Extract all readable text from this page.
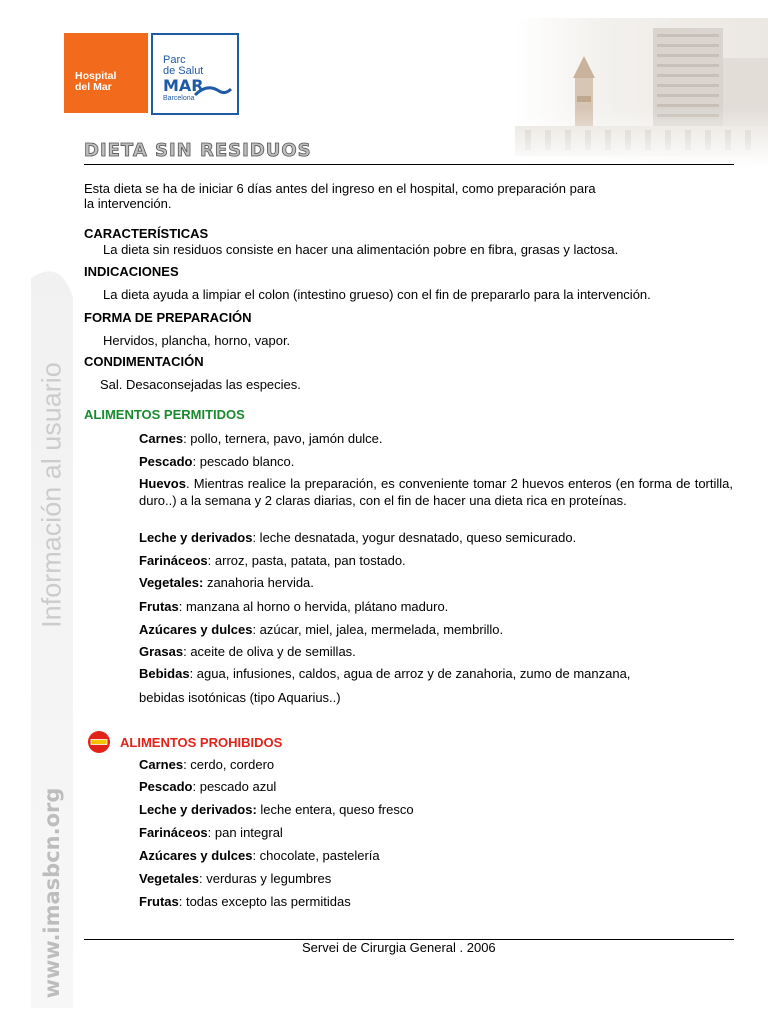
Hospital
del Mar
Parc
de Salut
MAR
Barcelona
DIETA SIN RESIDUOS
Información al usuario
www.imasbcn.org
Esta dieta se ha de iniciar 6 días antes del ingreso en el hospital, como preparación para
la intervención.
CARACTERÍSTICAS
La dieta sin residuos consiste en hacer una alimentación pobre en fibra, grasas y lactosa.
INDICACIONES
La dieta ayuda a limpiar el colon (intestino grueso) con el fin de prepararlo para la intervención.
FORMA DE PREPARACIÓN
Hervidos, plancha, horno, vapor.
CONDIMENTACIÓN
Sal. Desaconsejadas las especies.
ALIMENTOS PERMITIDOS
Carnes: pollo, ternera, pavo, jamón dulce.
Pescado: pescado blanco.
Huevos. Mientras realice la preparación, es conveniente tomar 2 huevos enteros (en forma de tortilla, duro..) a la semana y 2 claras diarias, con el fin de hacer una dieta rica en proteínas.
Leche y derivados: leche desnatada, yogur desnatado, queso semicurado.
Farináceos: arroz, pasta, patata, pan tostado.
Vegetales: zanahoria hervida.
Frutas: manzana al horno o hervida, plátano maduro.
Azúcares y dulces: azúcar, miel, jalea, mermelada, membrillo.
Grasas: aceite de oliva y de semillas.
Bebidas: agua, infusiones, caldos, agua de arroz y de zanahoria, zumo de manzana,
bebidas isotónicas (tipo Aquarius..)
ALIMENTOS PROHIBIDOS
Carnes: cerdo, cordero
Pescado: pescado azul
Leche y derivados: leche entera, queso fresco
Farináceos: pan integral
Azúcares y dulces: chocolate, pastelería
Vegetales: verduras y legumbres
Frutas: todas excepto las permitidas
Servei de Cirurgia General . 2006
